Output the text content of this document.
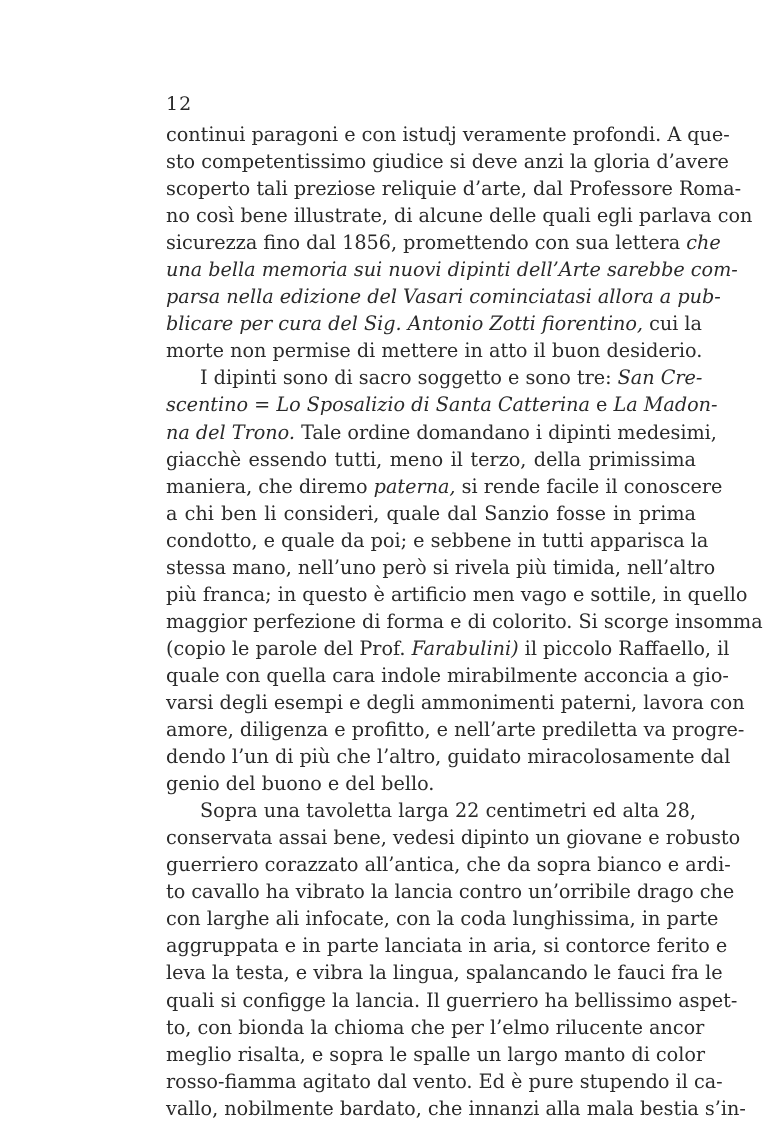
12
continui paragoni e con istudj veramente profondi. A que-
sto competentissimo giudice si deve anzi la gloria d’avere
scoperto tali preziose reliquie d’arte, dal Professore Roma-
no così bene illustrate, di alcune delle quali egli parlava con
sicurezza fino dal 1856, promettendo con sua lettera che
una bella memoria sui nuovi dipinti dell’Arte sarebbe com-
parsa nella edizione del Vasari cominciatasi allora a pub-
blicare per cura del Sig. Antonio Zotti fiorentino, cui la
morte non permise di mettere in atto il buon desiderio.
I dipinti sono di sacro soggetto e sono tre: San Cre-
scentino = Lo Sposalizio di Santa Catterina e La Madon-
na del Trono. Tale ordine domandano i dipinti medesimi,
giacchè essendo tutti, meno il terzo, della primissima
maniera, che diremo paterna, si rende facile il conoscere
a chi ben li consideri, quale dal Sanzio fosse in prima
condotto, e quale da poi; e sebbene in tutti apparisca la
stessa mano, nell’uno però si rivela più timida, nell’altro
più franca; in questo è artificio men vago e sottile, in quello
maggior perfezione di forma e di colorito. Si scorge insomma
(copio le parole del Prof. Farabulini) il piccolo Raffaello, il
quale con quella cara indole mirabilmente acconcia a gio-
varsi degli esempi e degli ammonimenti paterni, lavora con
amore, diligenza e profitto, e nell’arte prediletta va progre-
dendo l’un di più che l’altro, guidato miracolosamente dal
genio del buono e del bello.
Sopra una tavoletta larga 22 centimetri ed alta 28,
conservata assai bene, vedesi dipinto un giovane e robusto
guerriero corazzato all’antica, che da sopra bianco e ardi-
to cavallo ha vibrato la lancia contro un’orribile drago che
con larghe ali infocate, con la coda lunghissima, in parte
aggruppata e in parte lanciata in aria, si contorce ferito e
leva la testa, e vibra la lingua, spalancando le fauci fra le
quali si configge la lancia. Il guerriero ha bellissimo aspet-
to, con bionda la chioma che per l’elmo rilucente ancor
meglio risalta, e sopra le spalle un largo manto di color
rosso-fiamma agitato dal vento. Ed è pure stupendo il ca-
vallo, nobilmente bardato, che innanzi alla mala bestia s’in-
